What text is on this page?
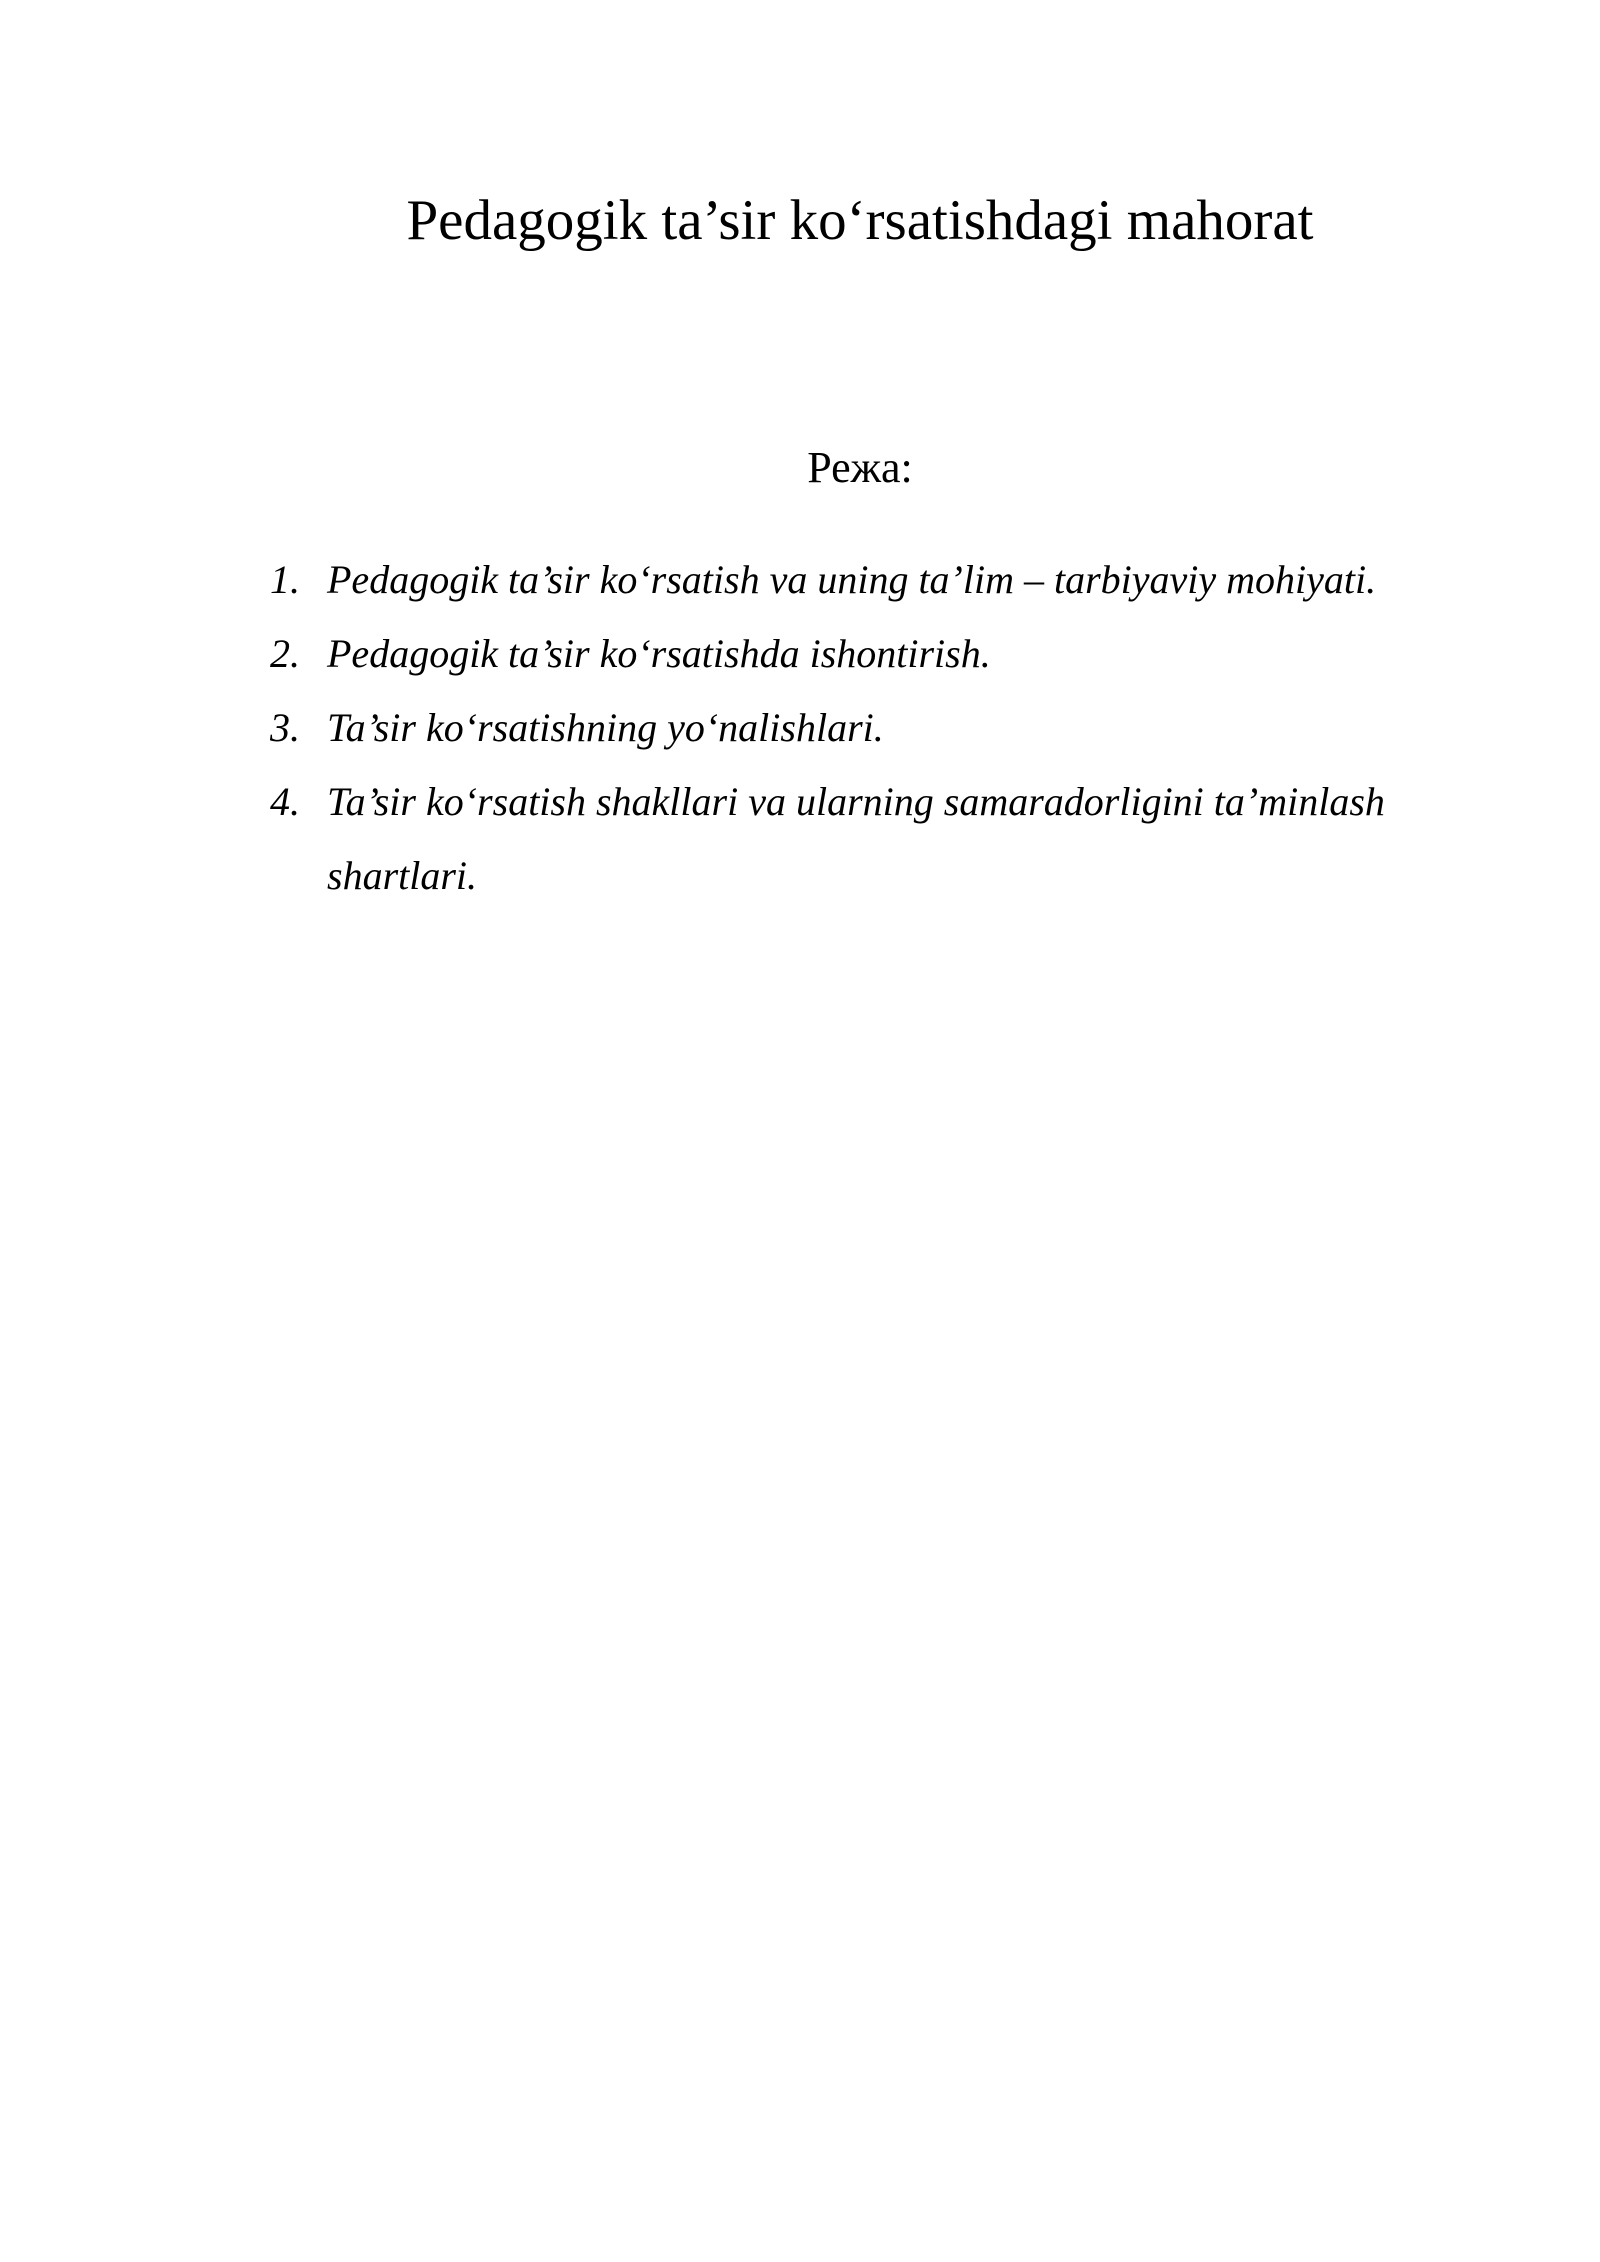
Pedagogik ta’sir ko‘rsatishdagi mahorat

Режа:

1. Pedagogik ta’sir ko‘rsatish va uning ta’lim – tarbiyaviy mohiyati.
2. Pedagogik ta’sir ko‘rsatishda ishontirish.
3. Ta’sir ko‘rsatishning yo‘nalishlari.
4. Ta’sir ko‘rsatish shakllari va ularning samaradorligini ta’minlash shartlari.
